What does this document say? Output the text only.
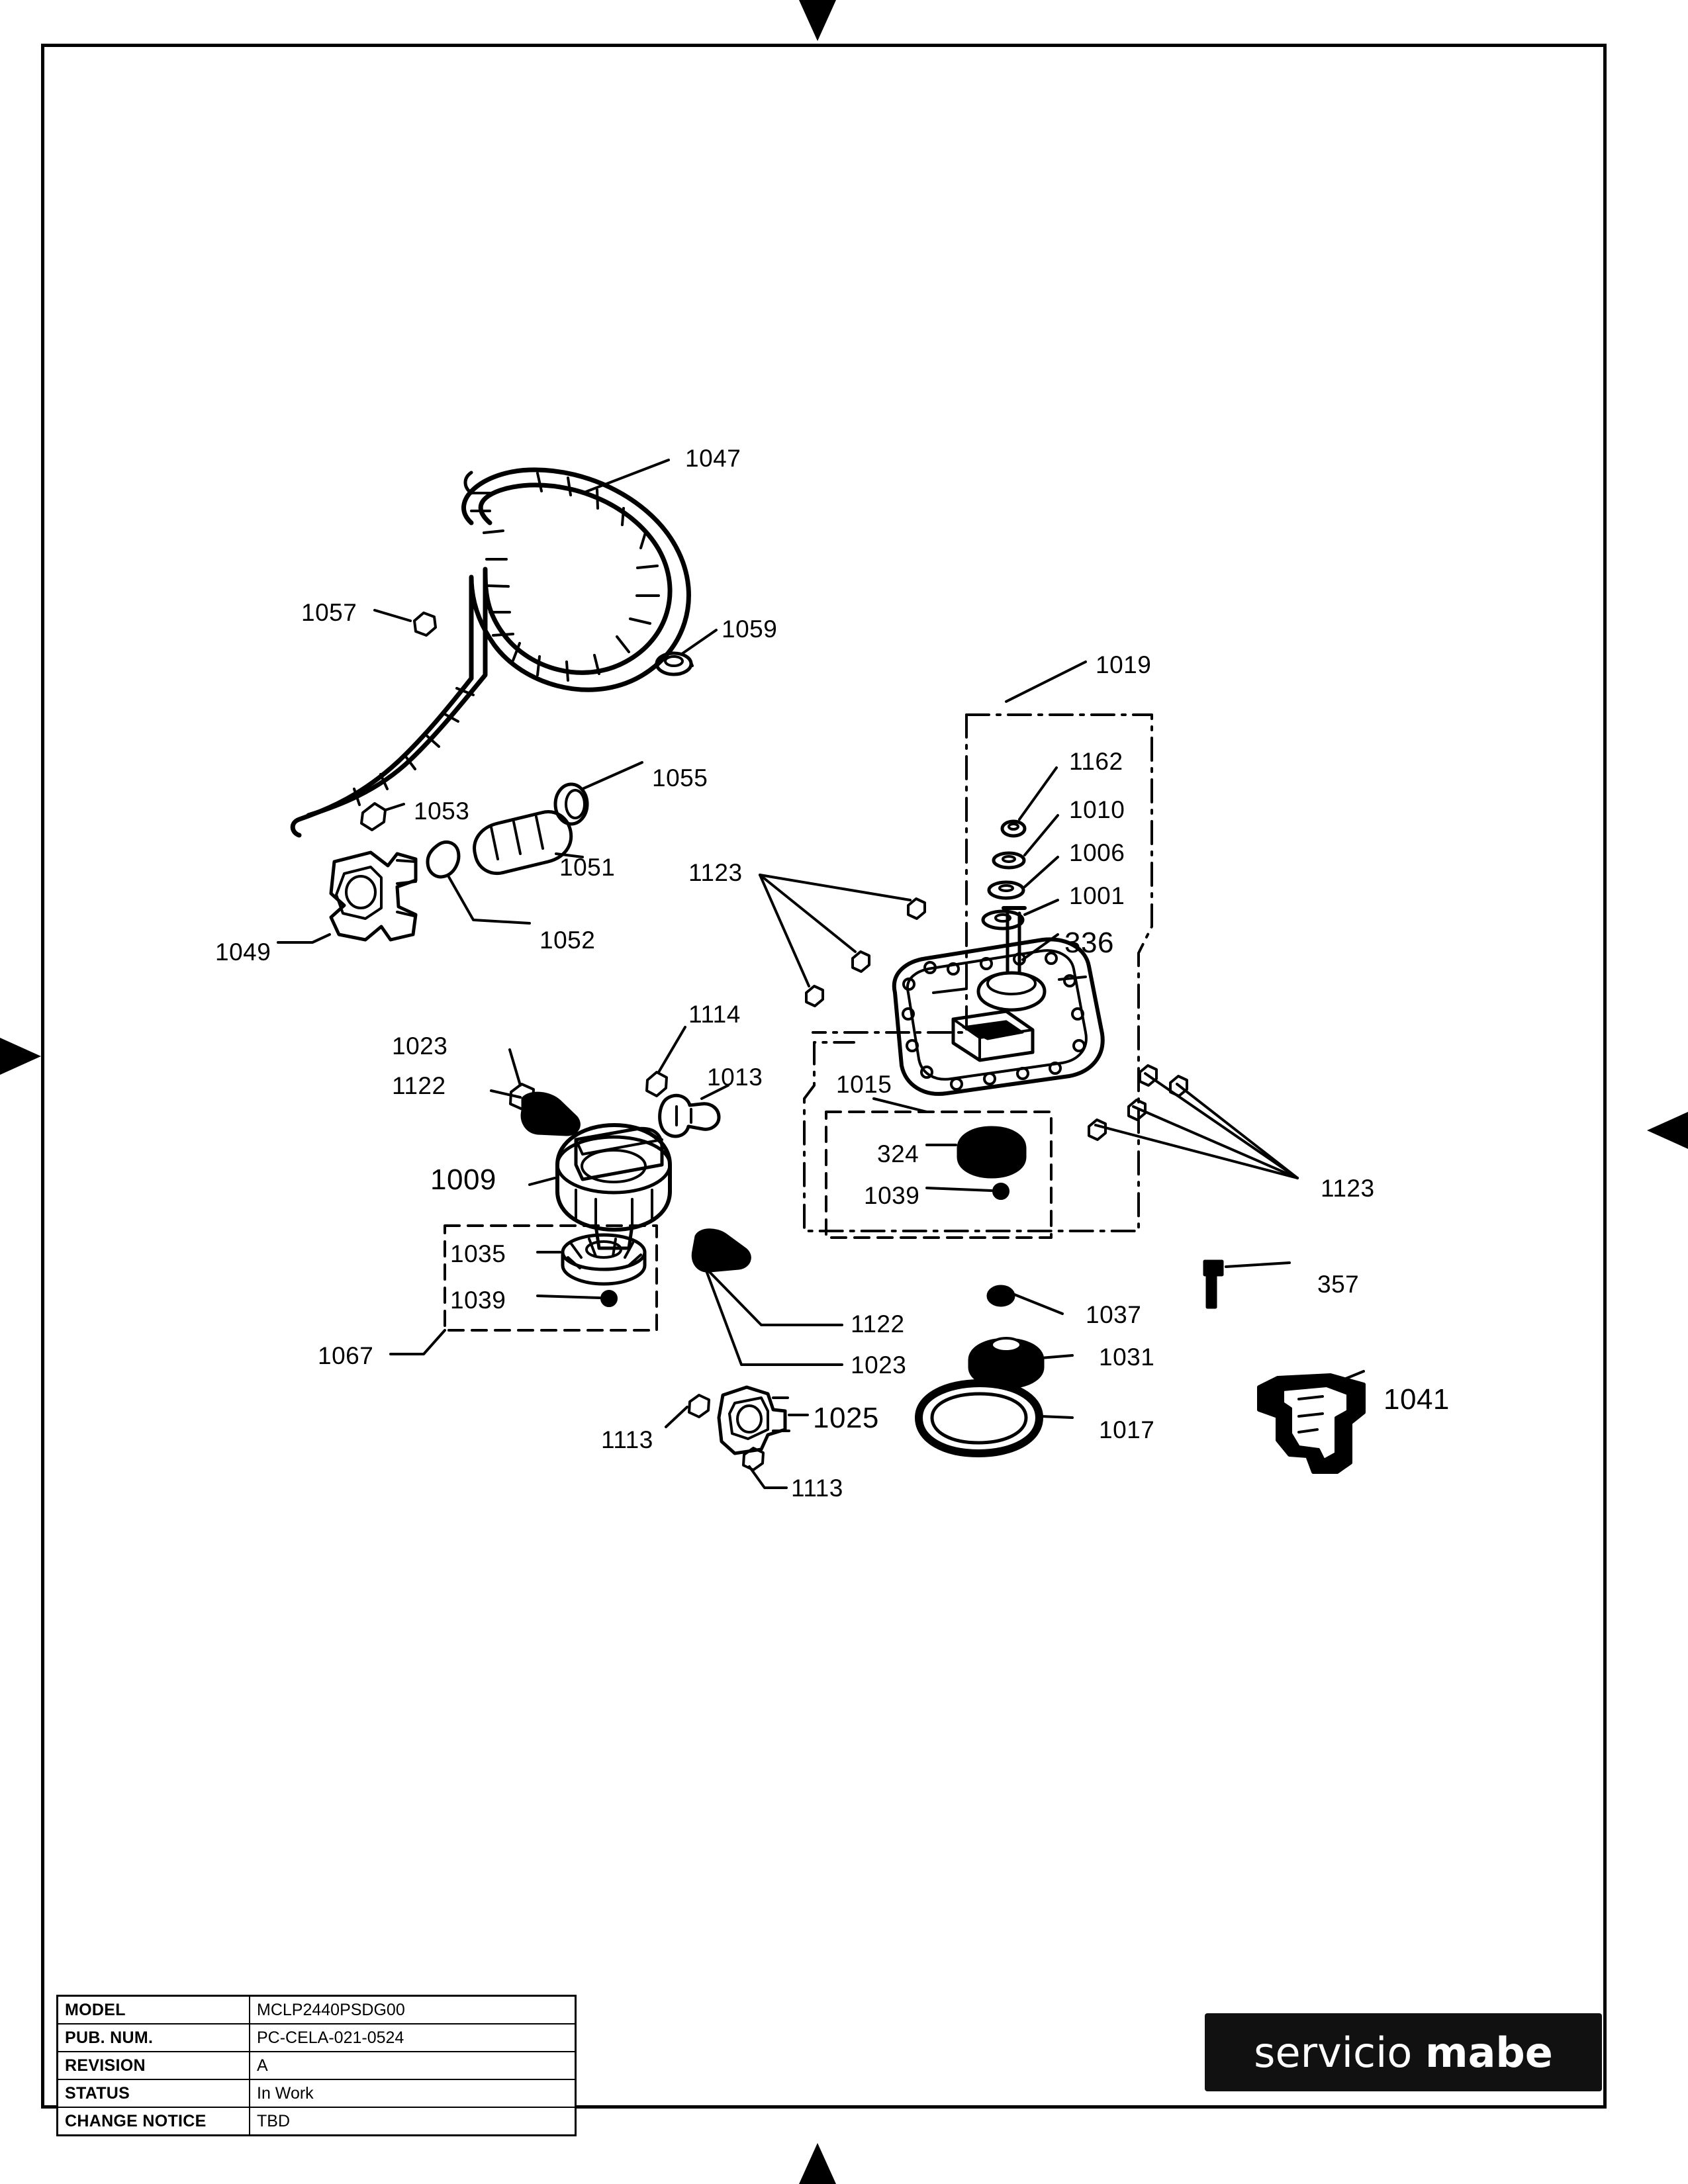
1047
1057
1059
1019
1162
1010
1006
1001
1055
1053
1051
1052
1049
1123
336
1114
1023
1013
1122	1015
1123
1009
324
1039
1035
1039
357
1037
1067
1122
1031
1023
1041
1025	1017
1113
1113
MODEL	MCLP2440PSDG00
PUB. NUM.	PC-CELA-021-0524
REVISION	A
STATUS	In Work
CHANGE NOTICE	TBD
servicio mabe
